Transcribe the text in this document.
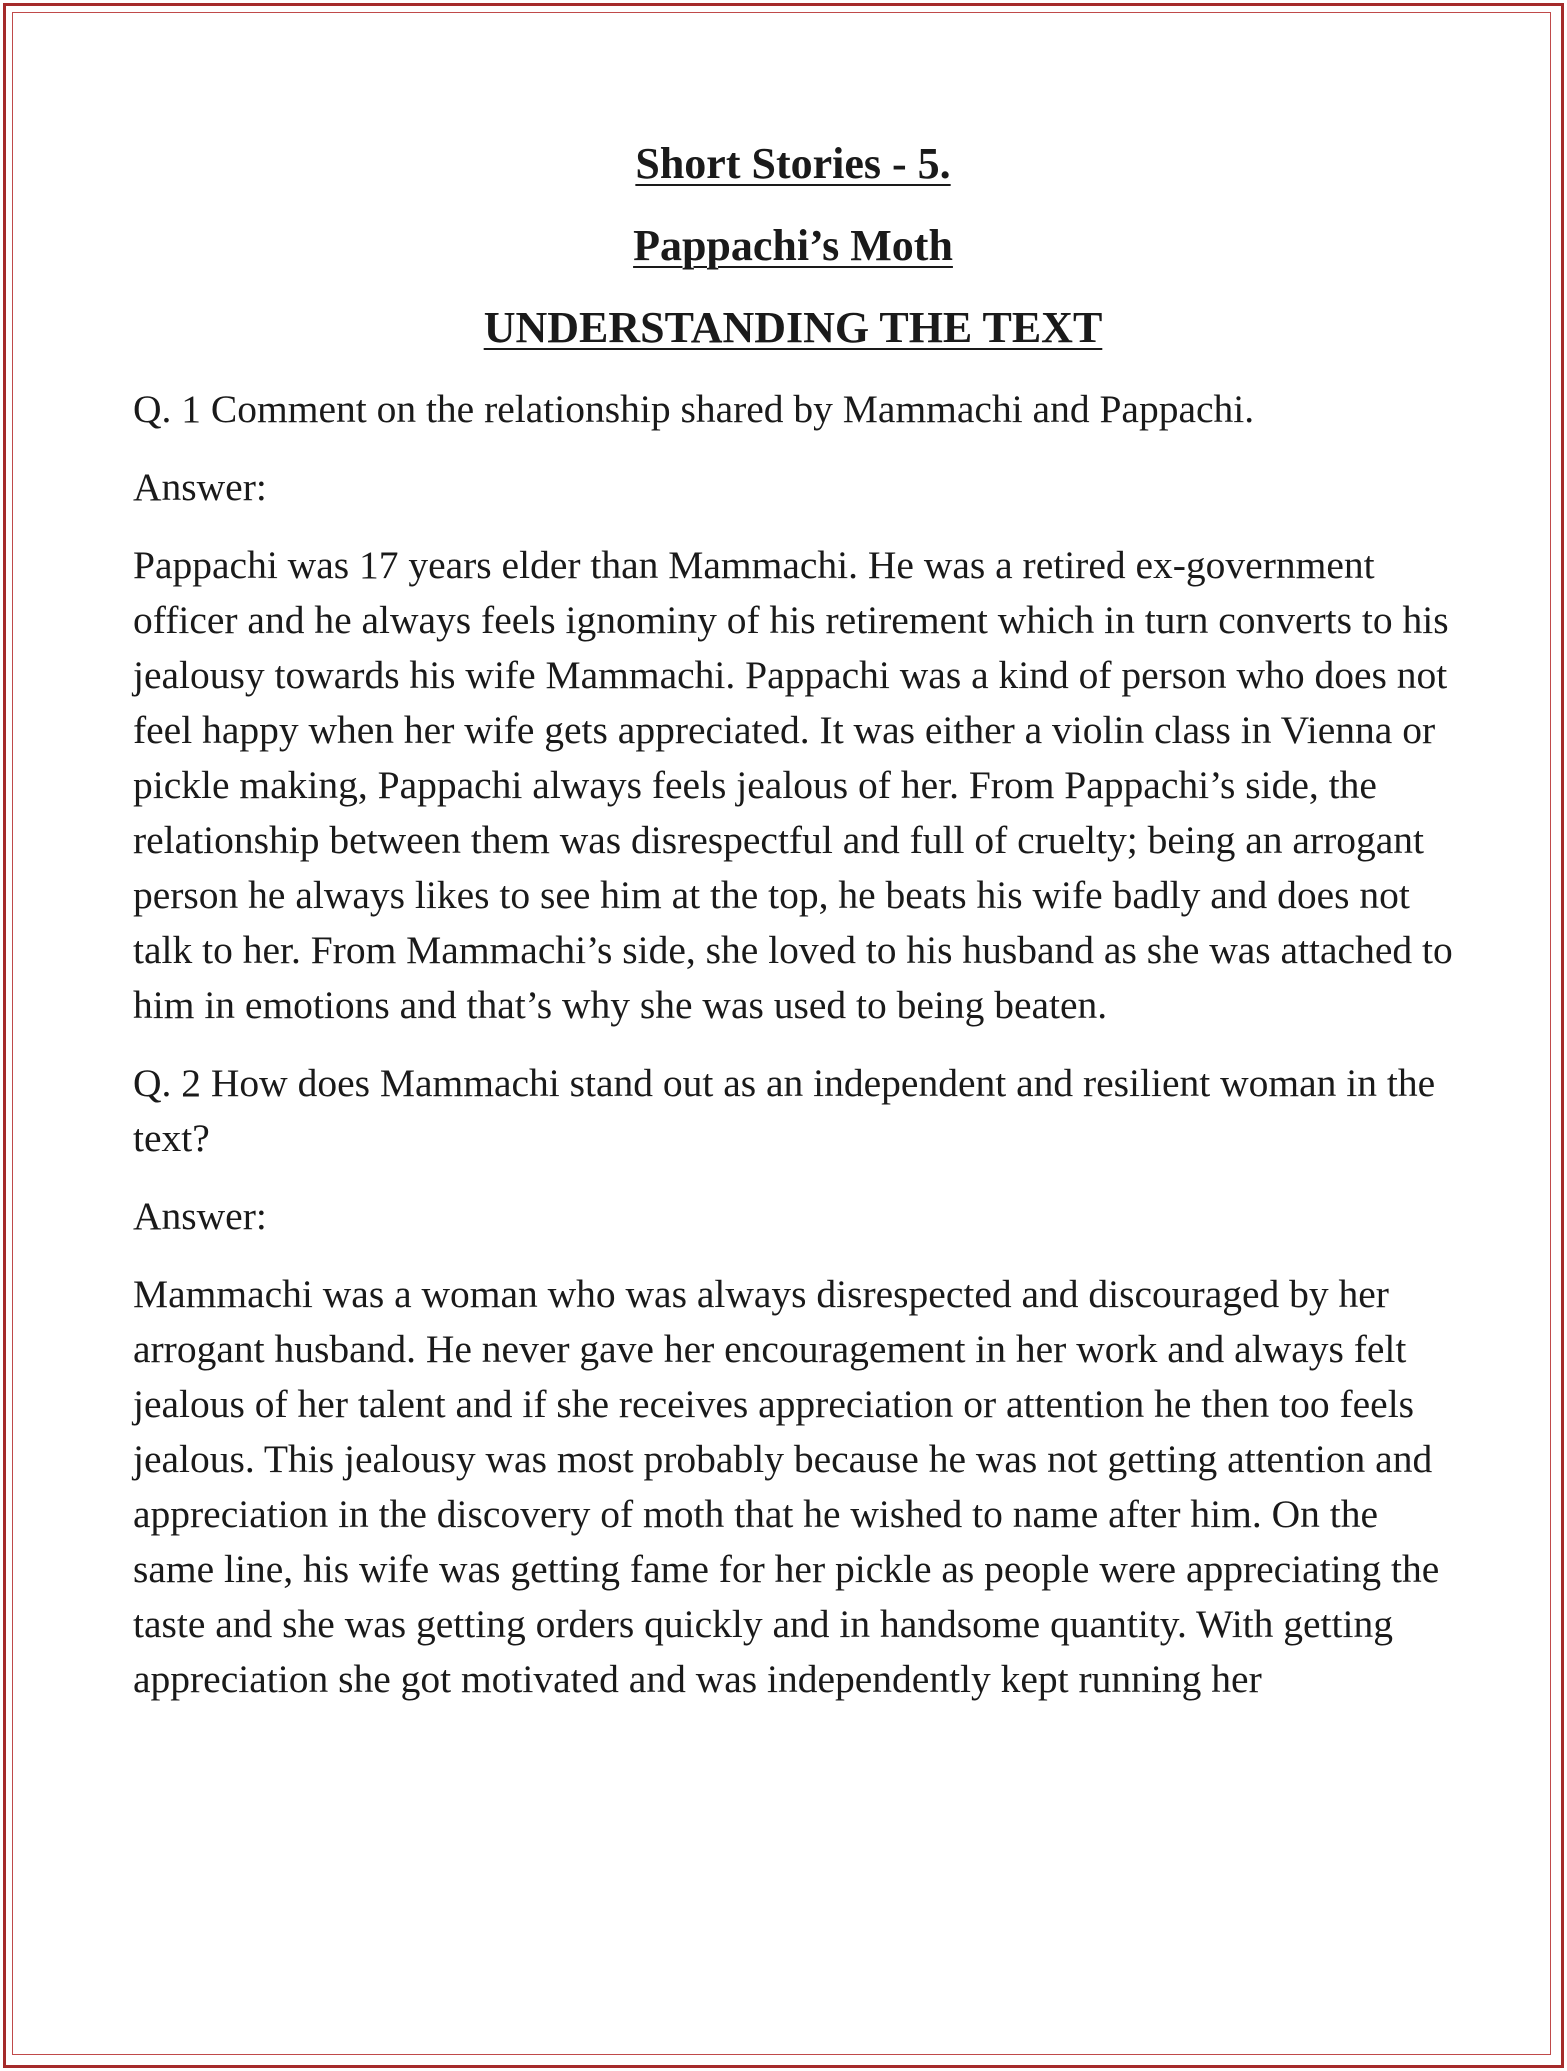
Short Stories - 5.
Pappachi’s Moth
UNDERSTANDING THE TEXT

Q. 1 Comment on the relationship shared by Mammachi and Pappachi.

Answer:

Pappachi was 17 years elder than Mammachi. He was a retired ex-government officer and he always feels ignominy of his retirement which in turn converts to his jealousy towards his wife Mammachi. Pappachi was a kind of person who does not feel happy when her wife gets appreciated. It was either a violin class in Vienna or pickle making, Pappachi always feels jealous of her. From Pappachi’s side, the relationship between them was disrespectful and full of cruelty; being an arrogant person he always likes to see him at the top, he beats his wife badly and does not talk to her. From Mammachi’s side, she loved to his husband as she was attached to him in emotions and that’s why she was used to being beaten.

Q. 2 How does Mammachi stand out as an independent and resilient woman in the text?

Answer:

Mammachi was a woman who was always disrespected and discouraged by her arrogant husband. He never gave her encouragement in her work and always felt jealous of her talent and if she receives appreciation or attention he then too feels jealous. This jealousy was most probably because he was not getting attention and appreciation in the discovery of moth that he wished to name after him. On the same line, his wife was getting fame for her pickle as people were appreciating the taste and she was getting orders quickly and in handsome quantity. With getting appreciation she got motivated and was independently kept running her
